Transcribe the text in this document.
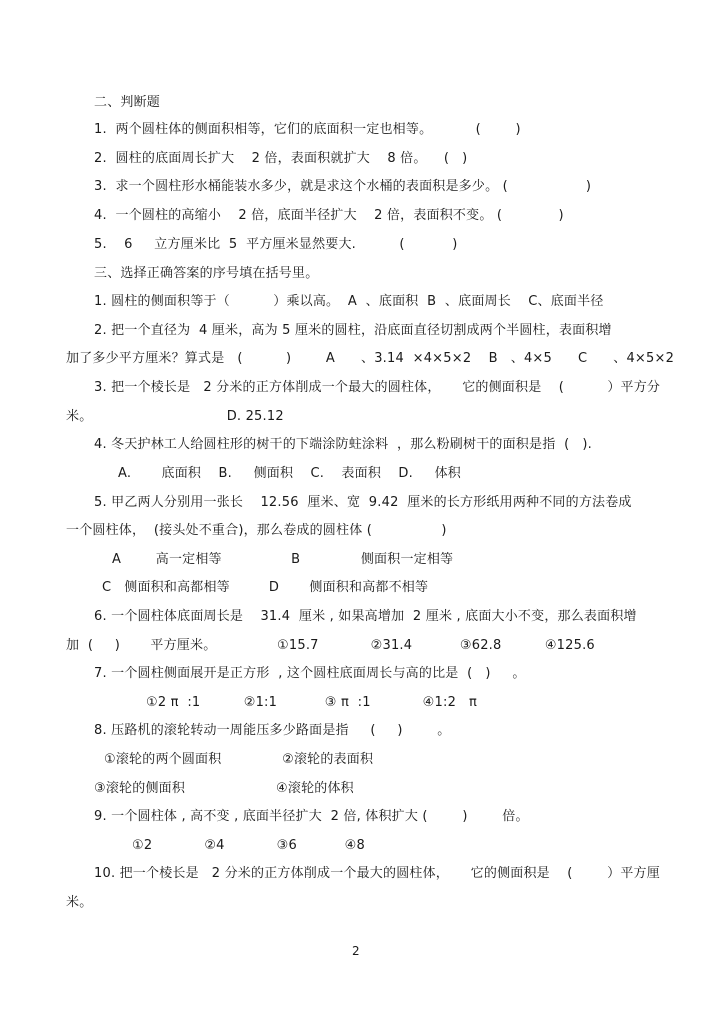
二、判断题
1.  两个圆柱体的侧面积相等，它们的底面积一定也相等。          (        )
2.  圆柱的底面周长扩大    2 倍，表面积就扩大    8 倍。    (   )
3.  求一个圆柱形水桶能装水多少，就是求这个水桶的表面积是多少。 (                  )
4.  一个圆柱的高缩小    2 倍，底面半径扩大    2 倍，表面积不变。 (             )
5.    6     立方厘米比  5  平方厘米显然要大.          (           )
三、选择正确答案的序号填在括号里。
1. 圆柱的侧面积等于（          ）乘以高。  A  、底面积  B  、底面周长    C、底面半径
2. 把一个直径为  4 厘米，高为 5 厘米的圆柱，沿底面直径切割成两个半圆柱，表面积增
加了多少平方厘米？算式是   (          )        A      、3.14  ×4×5×2    B   、4×5      C      、4×5×2
3. 把一个棱长是   2 分米的正方体削成一个最大的圆柱体，     它的侧面积是    (          ）平方分
米。                               D. 25.12
4. 冬天护林工人给圆柱形的树干的下端涂防蛀涂料  ，那么粉刷树干的面积是指  (   ).
A.       底面积    B.     侧面积    C.    表面积    D.     体积
5. 甲乙两人分别用一张长    12.56  厘米、宽  9.42  厘米的长方形纸用两种不同的方法卷成
一个圆柱体，  (接头处不重合)，那么卷成的圆柱体 (                )
A        高一定相等                B              侧面积一定相等
C   侧面积和高都相等         D       侧面积和高都不相等
6. 一个圆柱体底面周长是    31.4  厘米 , 如果高增加  2 厘米 , 底面大小不变，那么表面积增
加  (     )       平方厘米。              ①15.7            ②31.4           ③62.8          ④125.6
7. 一个圆柱侧面展开是正方形  , 这个圆柱底面周长与高的比是  (   )     。
①2 π  :1          ②1:1           ③ π  :1            ④1:2   π
8. 压路机的滚轮转动一周能压多少路面是指     (     )        。
①滚轮的两个圆面积              ②滚轮的表面积
③滚轮的侧面积                     ④滚轮的体积
9. 一个圆柱体 , 高不变 , 底面半径扩大  2 倍, 体积扩大 (        )        倍。
①2            ②4            ③6           ④8
10. 把一个棱长是   2 分米的正方体削成一个最大的圆柱体，     它的侧面积是    (        ）平方厘
米。
2
